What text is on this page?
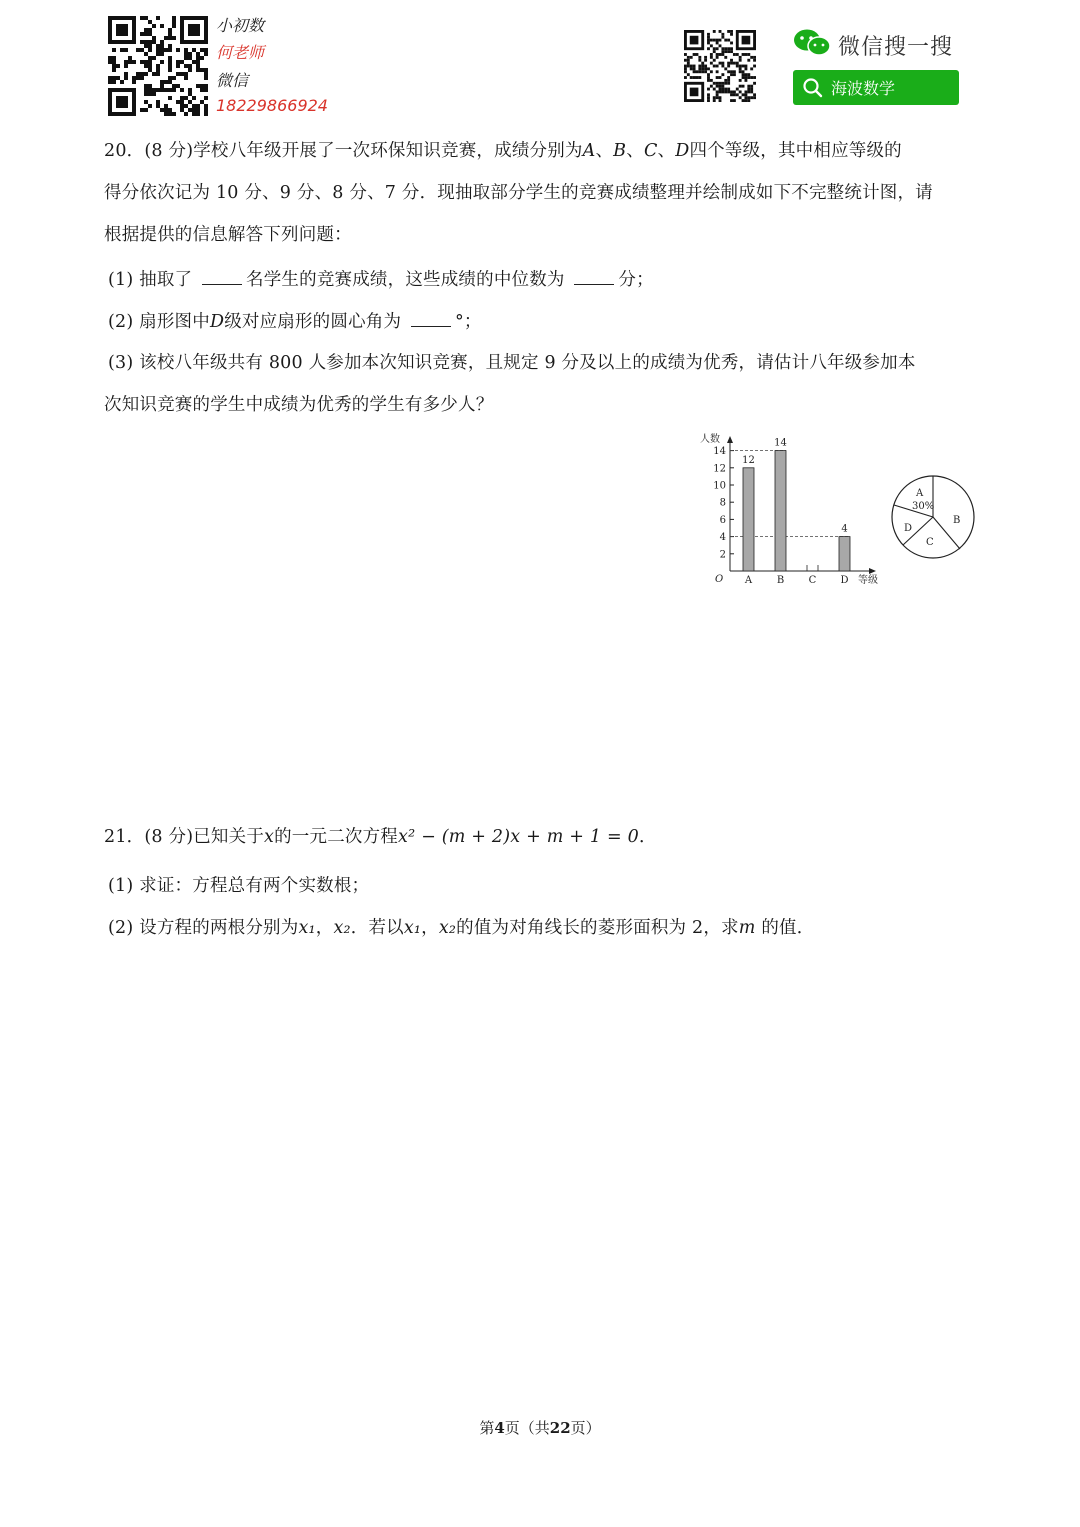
小初数
何老师
微信
18229866924
微信搜一搜
海波数学
20．(8 分)学校八年级开展了一次环保知识竞赛，成绩分别为A、B、C、D四个等级，其中相应等级的
得分依次记为 10 分、9 分、8 分、7 分．现抽取部分学生的竞赛成绩整理并绘制成如下不完整统计图，请
根据提供的信息解答下列问题：
(1) 抽取了	名学生的竞赛成绩，这些成绩的中位数为	分；
(2) 扇形图中D级对应扇形的圆心角为	°；
(3) 该校八年级共有 800 人参加本次知识竞赛，且规定 9 分及以上的成绩为优秀，请估计八年级参加本
次知识竞赛的学生中成绩为优秀的学生有多少人？
人数
等级
O
2
4
6
8
10
12
14
12
A
14
B C
4
D
A
30%
B
C
D
21．(8 分)已知关于x的一元二次方程x² − (m + 2)x + m + 1 = 0．
(1) 求证：方程总有两个实数根；
(2) 设方程的两根分别为x₁，x₂．若以x₁，x₂的值为对角线长的菱形面积为 2，求m 的值．
第4页（共22页）
